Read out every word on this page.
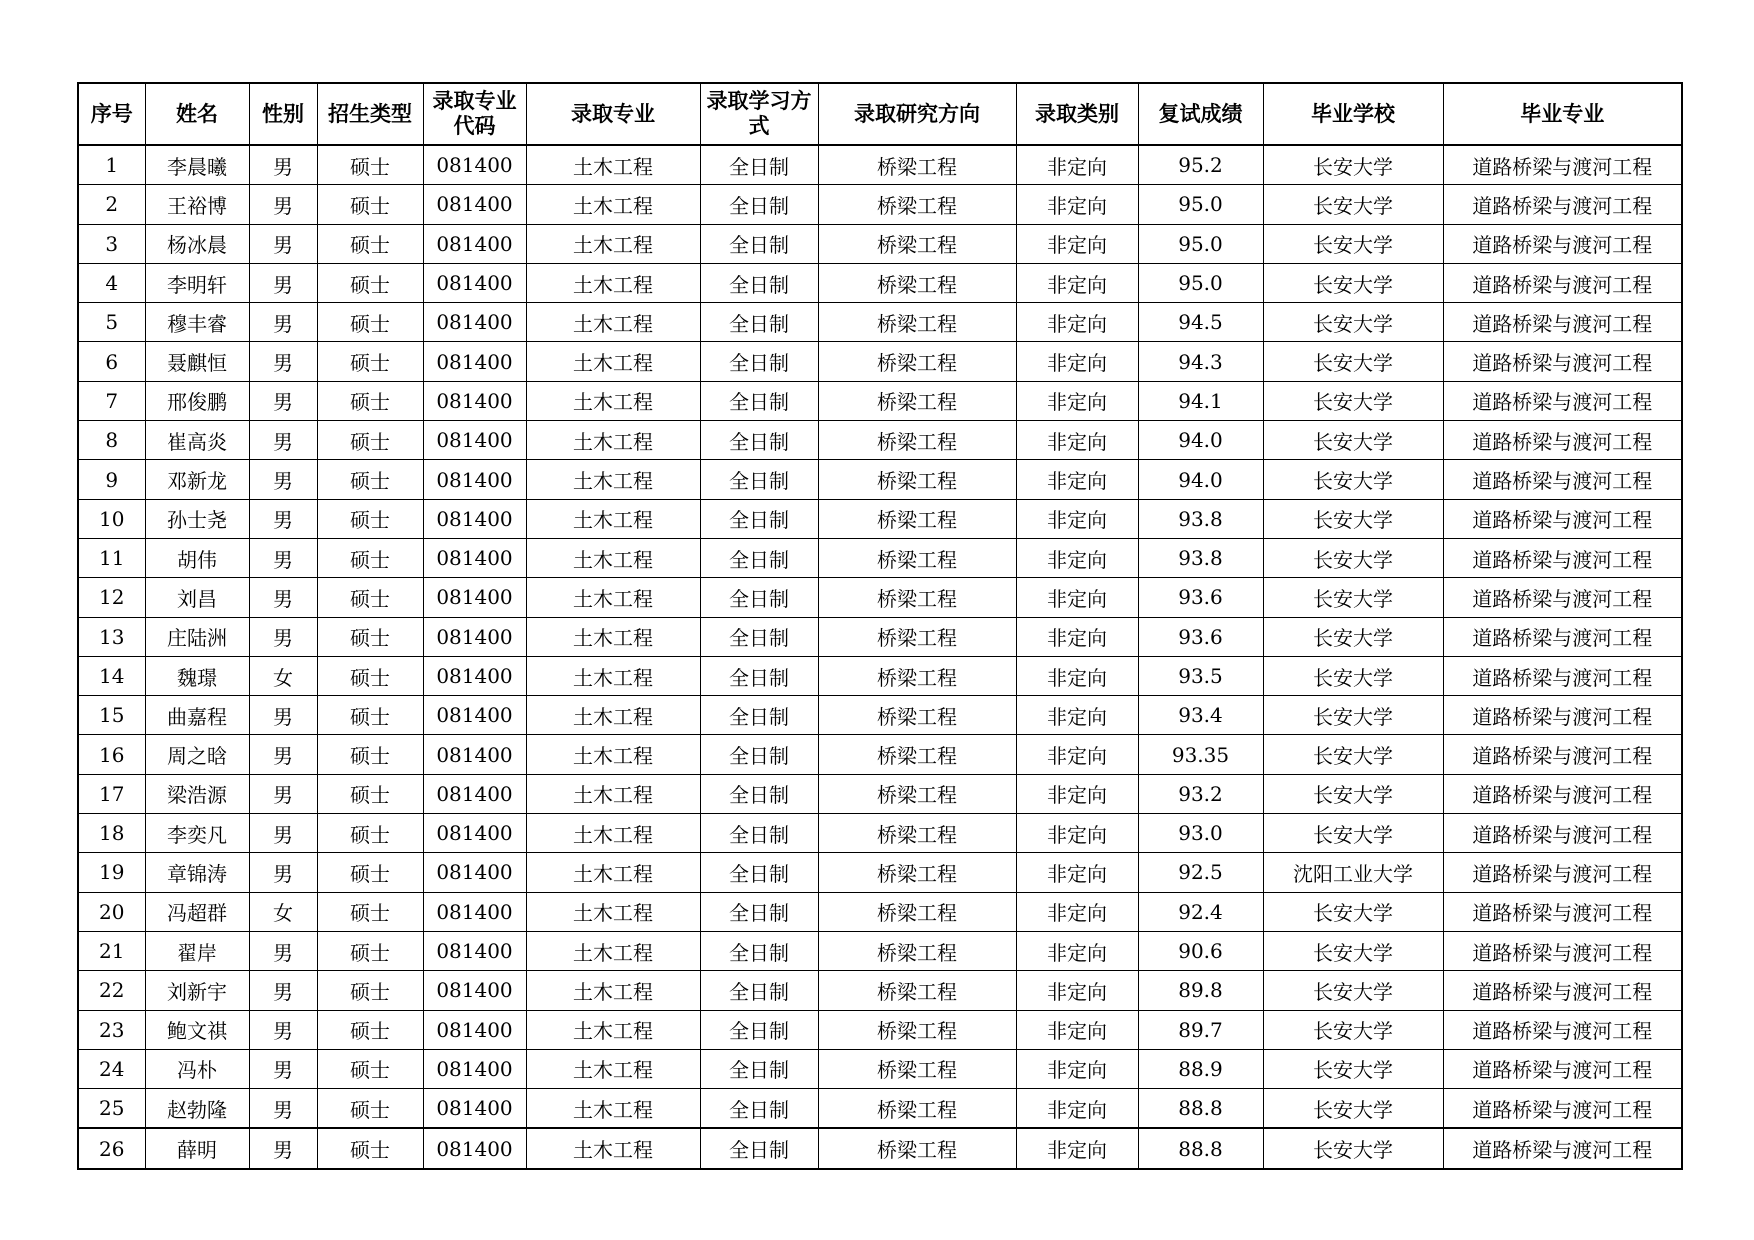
序号	姓名	性别	招生类型	录取专业代码	录取专业	录取学习方式	录取研究方向	录取类别	复试成绩	毕业学校	毕业专业
1	李晨曦	男	硕士	081400	土木工程	全日制	桥梁工程	非定向	95.2	长安大学	道路桥梁与渡河工程
2	王裕博	男	硕士	081400	土木工程	全日制	桥梁工程	非定向	95.0	长安大学	道路桥梁与渡河工程
3	杨冰晨	男	硕士	081400	土木工程	全日制	桥梁工程	非定向	95.0	长安大学	道路桥梁与渡河工程
4	李明轩	男	硕士	081400	土木工程	全日制	桥梁工程	非定向	95.0	长安大学	道路桥梁与渡河工程
5	穆丰睿	男	硕士	081400	土木工程	全日制	桥梁工程	非定向	94.5	长安大学	道路桥梁与渡河工程
6	聂麒恒	男	硕士	081400	土木工程	全日制	桥梁工程	非定向	94.3	长安大学	道路桥梁与渡河工程
7	邢俊鹏	男	硕士	081400	土木工程	全日制	桥梁工程	非定向	94.1	长安大学	道路桥梁与渡河工程
8	崔高炎	男	硕士	081400	土木工程	全日制	桥梁工程	非定向	94.0	长安大学	道路桥梁与渡河工程
9	邓新龙	男	硕士	081400	土木工程	全日制	桥梁工程	非定向	94.0	长安大学	道路桥梁与渡河工程
10	孙士尧	男	硕士	081400	土木工程	全日制	桥梁工程	非定向	93.8	长安大学	道路桥梁与渡河工程
11	胡伟	男	硕士	081400	土木工程	全日制	桥梁工程	非定向	93.8	长安大学	道路桥梁与渡河工程
12	刘昌	男	硕士	081400	土木工程	全日制	桥梁工程	非定向	93.6	长安大学	道路桥梁与渡河工程
13	庄陆洲	男	硕士	081400	土木工程	全日制	桥梁工程	非定向	93.6	长安大学	道路桥梁与渡河工程
14	魏璟	女	硕士	081400	土木工程	全日制	桥梁工程	非定向	93.5	长安大学	道路桥梁与渡河工程
15	曲嘉程	男	硕士	081400	土木工程	全日制	桥梁工程	非定向	93.4	长安大学	道路桥梁与渡河工程
16	周之晗	男	硕士	081400	土木工程	全日制	桥梁工程	非定向	93.35	长安大学	道路桥梁与渡河工程
17	梁浩源	男	硕士	081400	土木工程	全日制	桥梁工程	非定向	93.2	长安大学	道路桥梁与渡河工程
18	李奕凡	男	硕士	081400	土木工程	全日制	桥梁工程	非定向	93.0	长安大学	道路桥梁与渡河工程
19	章锦涛	男	硕士	081400	土木工程	全日制	桥梁工程	非定向	92.5	沈阳工业大学	道路桥梁与渡河工程
20	冯超群	女	硕士	081400	土木工程	全日制	桥梁工程	非定向	92.4	长安大学	道路桥梁与渡河工程
21	翟岸	男	硕士	081400	土木工程	全日制	桥梁工程	非定向	90.6	长安大学	道路桥梁与渡河工程
22	刘新宇	男	硕士	081400	土木工程	全日制	桥梁工程	非定向	89.8	长安大学	道路桥梁与渡河工程
23	鲍文祺	男	硕士	081400	土木工程	全日制	桥梁工程	非定向	89.7	长安大学	道路桥梁与渡河工程
24	冯朴	男	硕士	081400	土木工程	全日制	桥梁工程	非定向	88.9	长安大学	道路桥梁与渡河工程
25	赵勃隆	男	硕士	081400	土木工程	全日制	桥梁工程	非定向	88.8	长安大学	道路桥梁与渡河工程
26	薛明	男	硕士	081400	土木工程	全日制	桥梁工程	非定向	88.8	长安大学	道路桥梁与渡河工程
